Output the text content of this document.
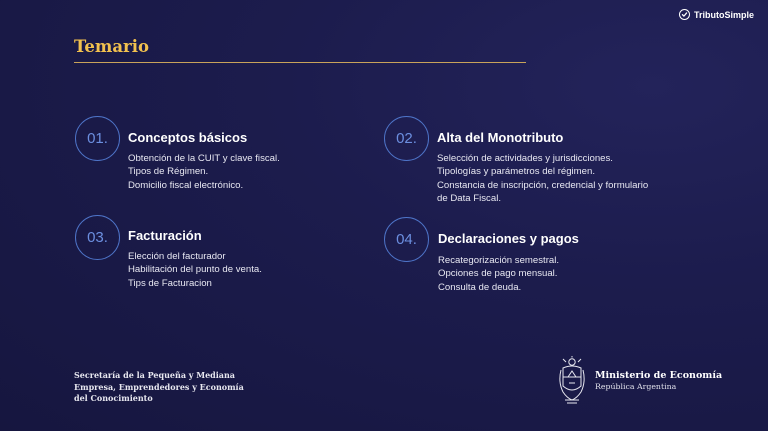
TributoSimple
Temario
01.	Conceptos básicos
Obtención de la CUIT y clave fiscal.
Tipos de Régimen.
Domicilio fiscal electrónico.
02.	Alta del Monotributo
Selección de actividades y jurisdicciones.
Tipologías y parámetros del régimen.
Constancia de inscripción, credencial y formulario
de Data Fiscal.
03.	Facturación
Elección del facturador
Habilitación del punto de venta.
Tips de Facturacion
04.	Declaraciones y pagos
Recategorización semestral.
Opciones de pago mensual.
Consulta de deuda.
Secretaría de la Pequeña y Mediana
Empresa, Emprendedores y Economía
del Conocimiento
Ministerio de Economía
República Argentina
